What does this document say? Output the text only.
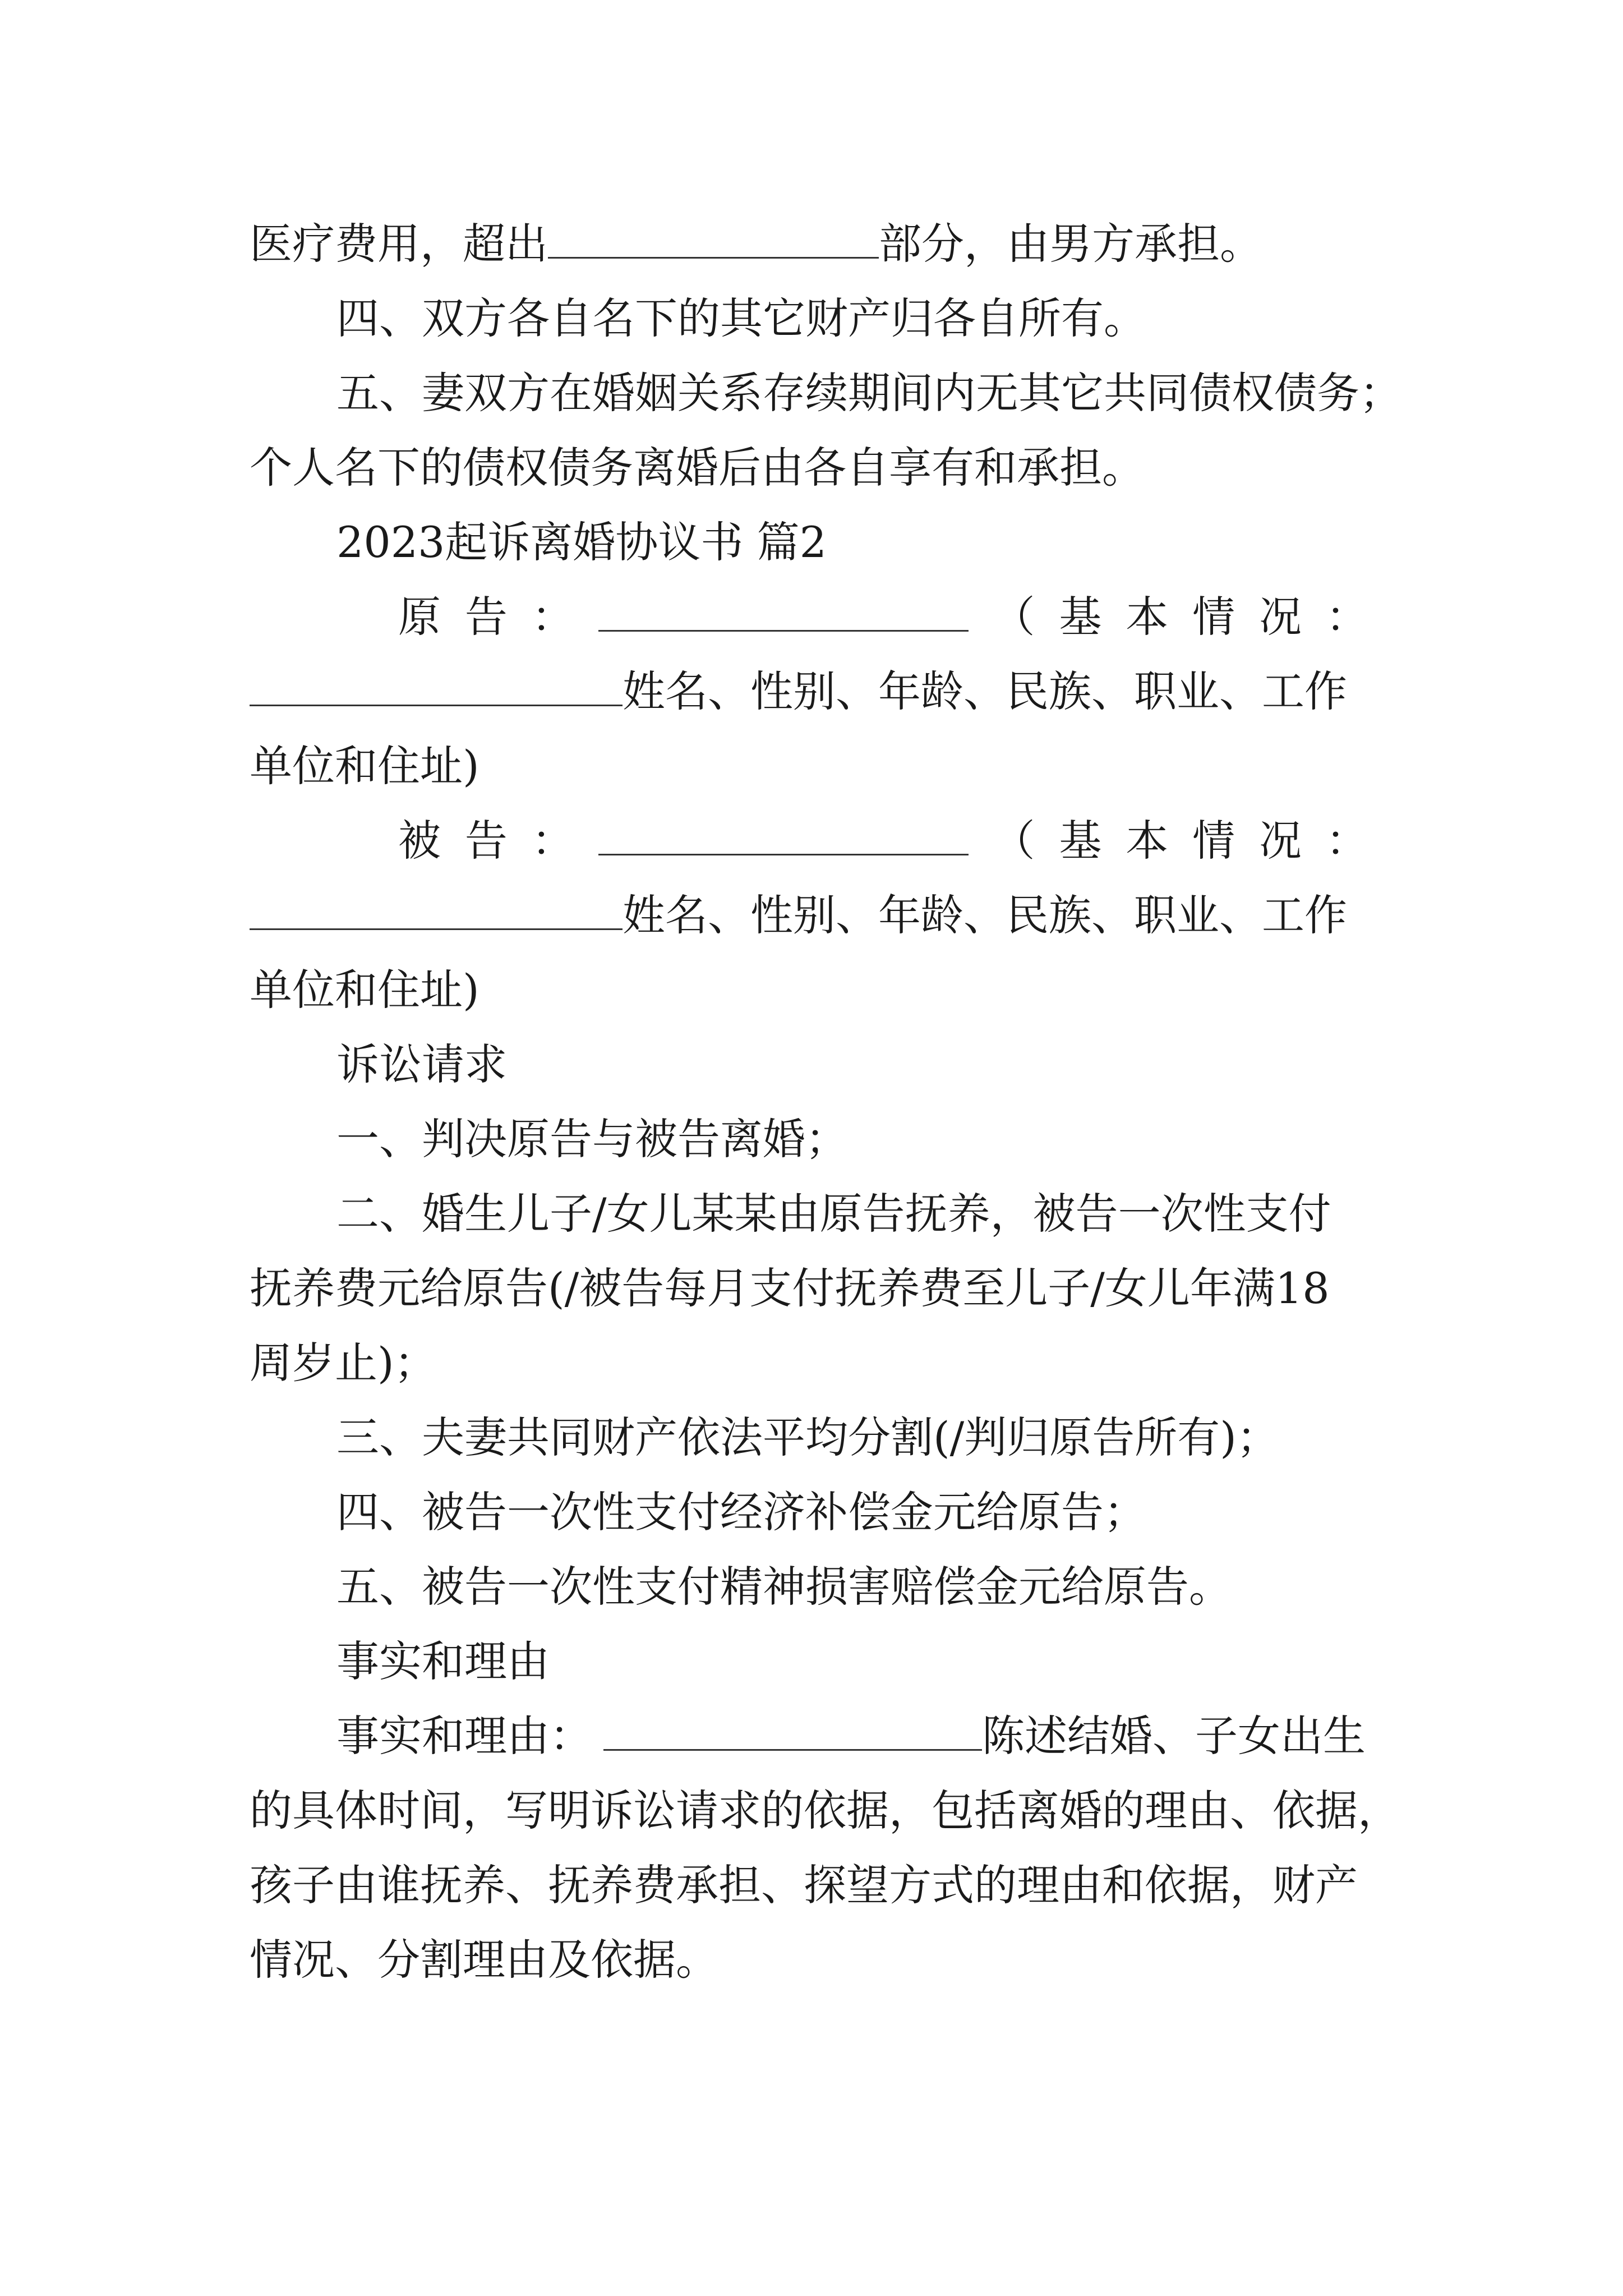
医疗费用，超出	部分，由男方承担。

四、双方各自名下的其它财产归各自所有。

五、妻双方在婚姻关系存续期间内无其它共同债权债务；

个人名下的债权债务离婚后由各自享有和承担。

2023起诉离婚协议书 篇2

原 告 ：	（ 基 本 情 况 ：

姓名、性别、年龄、民族、职业、工作

单位和住址)

被 告 ：	（ 基 本 情 况 ：

姓名、性别、年龄、民族、职业、工作

单位和住址)

诉讼请求

一、判决原告与被告离婚；

二、婚生儿子/女儿某某由原告抚养，被告一次性支付

抚养费元给原告(/被告每月支付抚养费至儿子/女儿年满18

周岁止)；

三、夫妻共同财产依法平均分割(/判归原告所有)；

四、被告一次性支付经济补偿金元给原告；

五、被告一次性支付精神损害赔偿金元给原告。

事实和理由

事实和理由：	陈述结婚、子女出生

的具体时间，写明诉讼请求的依据，包括离婚的理由、依据，

孩子由谁抚养、抚养费承担、探望方式的理由和依据，财产

情况、分割理由及依据。
